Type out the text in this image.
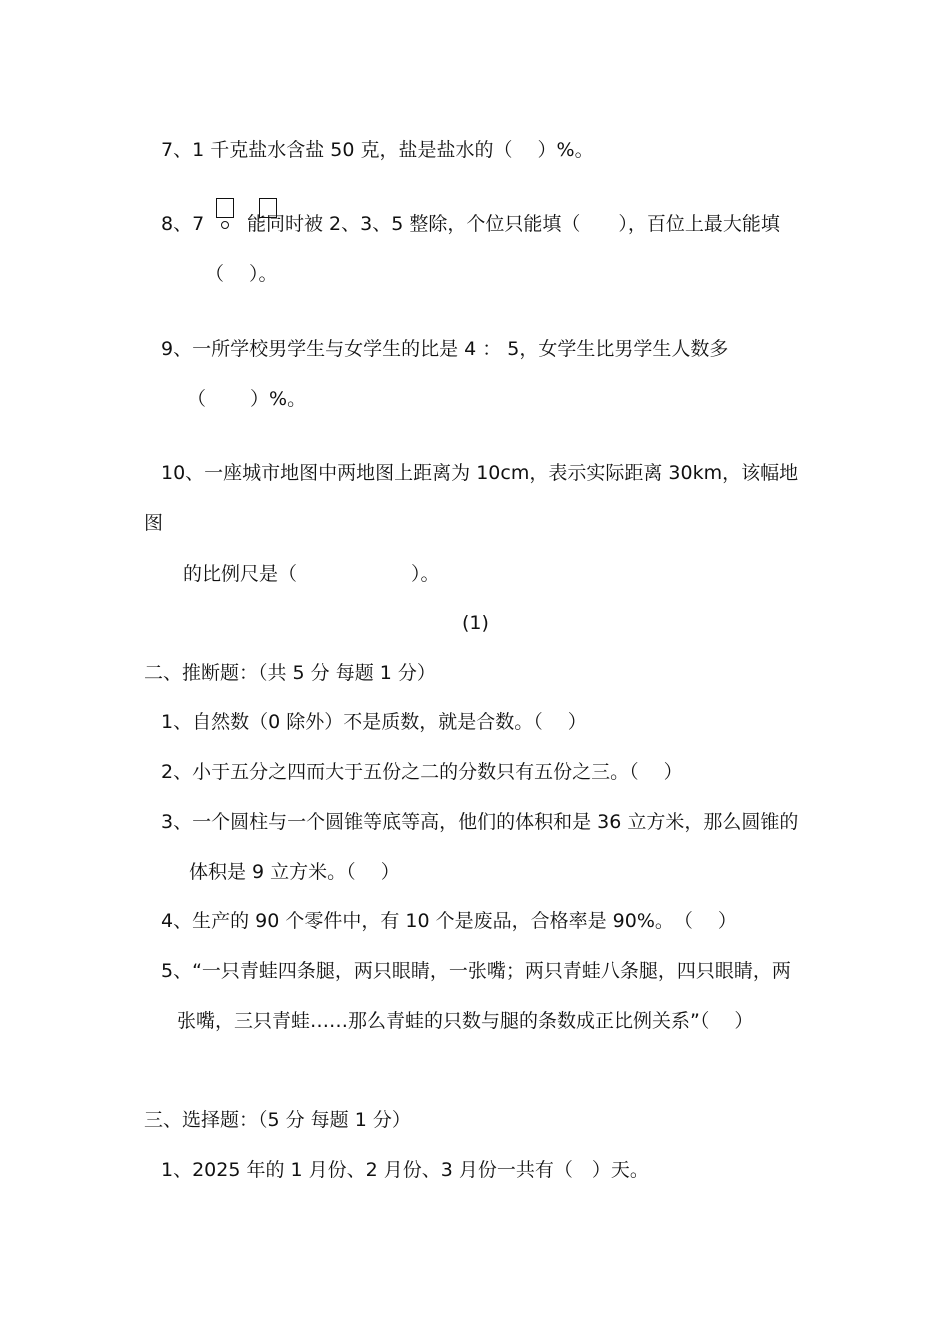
7、1 千克盐水含盐 50 克，盐是盐水的（　 ）%。
8、7 能同时被 2、3、5 整除，个位只能填（　　），百位上最大能填
（　 ）。
9、一所学校男学生与女学生的比是 4 ： 5，女学生比男学生人数多
（　　 ）%。
10、一座城市地图中两地图上距离为 10cm，表示实际距离 30km，该幅地
图
的比例尺是（　　　　　　）。
(1)
二、推断题：（共 5 分 每题 1 分）
1、自然数（0 除外）不是质数，就是合数。（　 ）
2、小于五分之四而大于五份之二的分数只有五份之三。（　 ）
3、一个圆柱与一个圆锥等底等高，他们的体积和是 36 立方米，那么圆锥的
体积是 9 立方米。（　 ）
4、生产的 90 个零件中，有 10 个是废品，合格率是 90%。　（　 ）
5、“一只青蛙四条腿，两只眼睛，一张嘴；两只青蛙八条腿，四只眼睛，两
张嘴，三只青蛙……那么青蛙的只数与腿的条数成正比例关系”（　 ）
三、选择题：（5 分 每题 1 分）
1、2025 年的 1 月份、2 月份、3 月份一共有（　）天。
